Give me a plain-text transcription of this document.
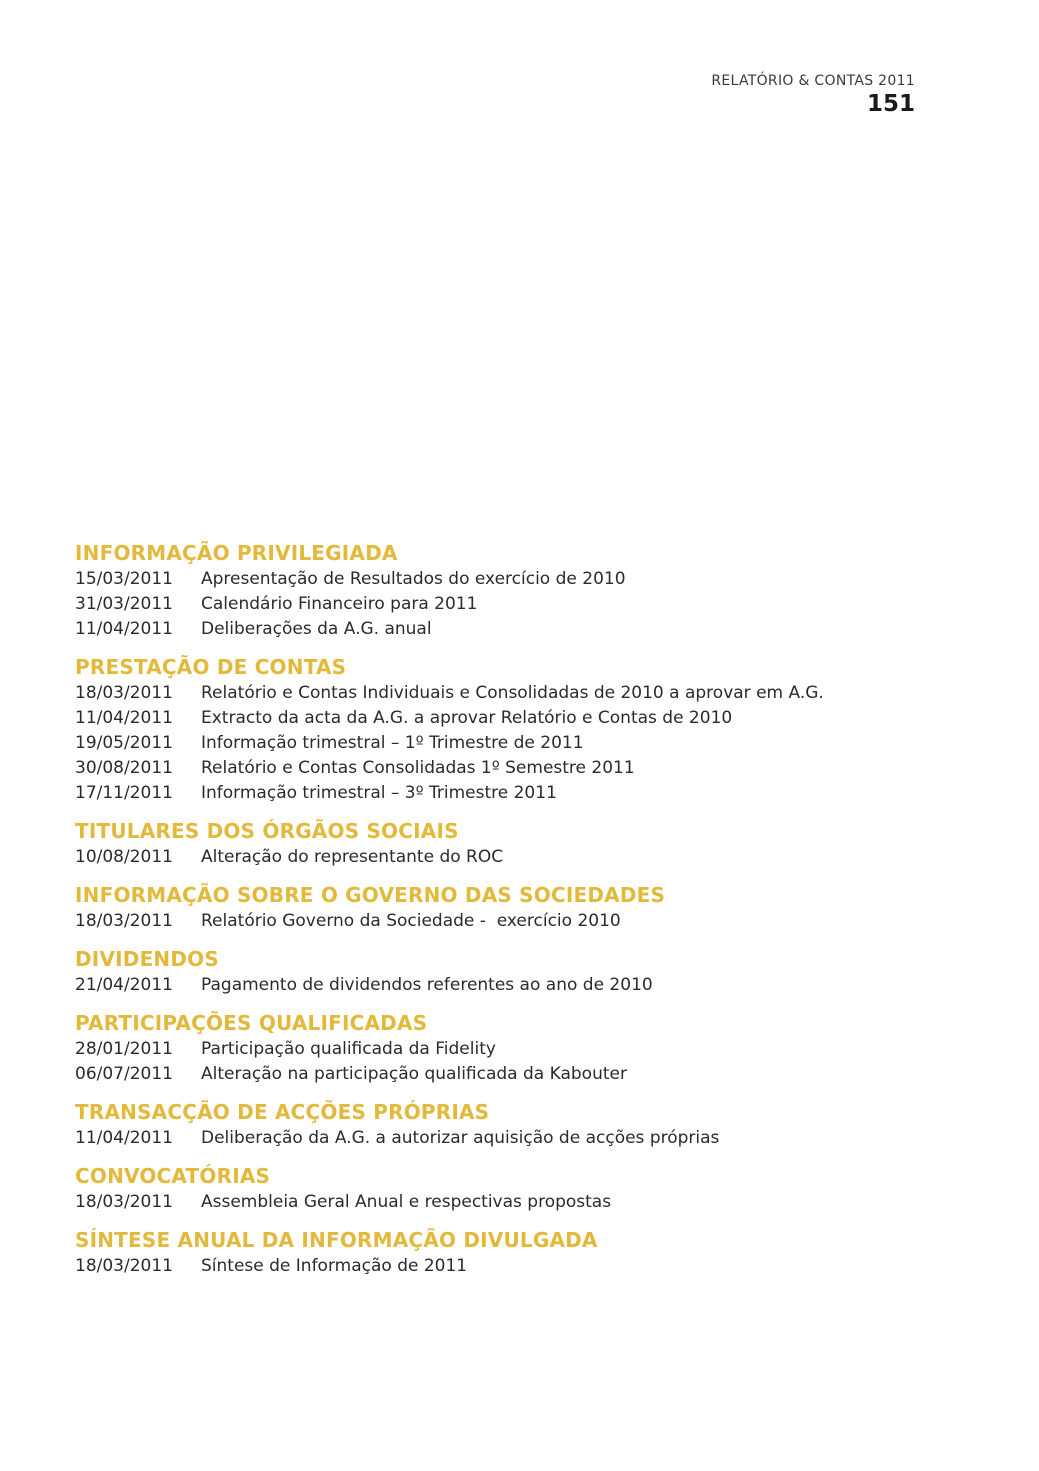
RELATÓRIO & CONTAS 2011
151
INFORMAÇÃO PRIVILEGIADA
15/03/2011	Apresentação de Resultados do exercício de 2010
31/03/2011	Calendário Financeiro para 2011
11/04/2011	Deliberações da A.G. anual
PRESTAÇÃO DE CONTAS
18/03/2011	Relatório e Contas Individuais e Consolidadas de 2010 a aprovar em A.G.
11/04/2011	Extracto da acta da A.G. a aprovar Relatório e Contas de 2010
19/05/2011	Informação trimestral – 1º Trimestre de 2011
30/08/2011	Relatório e Contas Consolidadas 1º Semestre 2011
17/11/2011	Informação trimestral – 3º Trimestre 2011
TITULARES DOS ÓRGÃOS SOCIAIS
10/08/2011	Alteração do representante do ROC
INFORMAÇÃO SOBRE O GOVERNO DAS SOCIEDADES
18/03/2011	Relatório Governo da Sociedade -  exercício 2010
DIVIDENDOS
21/04/2011	Pagamento de dividendos referentes ao ano de 2010
PARTICIPAÇÕES QUALIFICADAS
28/01/2011	Participação qualificada da Fidelity
06/07/2011	Alteração na participação qualificada da Kabouter
TRANSACÇÃO DE ACÇÕES PRÓPRIAS
11/04/2011	Deliberação da A.G. a autorizar aquisição de acções próprias
CONVOCATÓRIAS
18/03/2011	Assembleia Geral Anual e respectivas propostas
SÍNTESE ANUAL DA INFORMAÇÃO DIVULGADA
18/03/2011	Síntese de Informação de 2011
